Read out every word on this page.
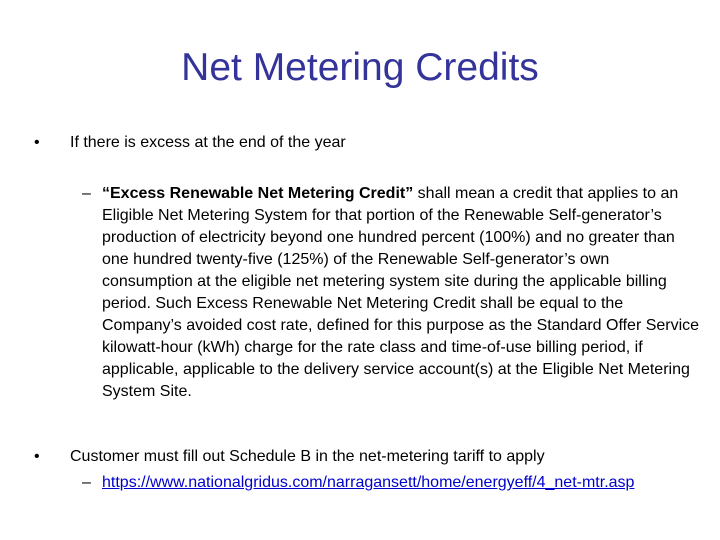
Net Metering Credits
• If there is excess at the end of the year
– “Excess Renewable Net Metering Credit” shall mean a credit that applies to an Eligible Net Metering System for that portion of the Renewable Self-generator’s production of electricity beyond one hundred percent (100%) and no greater than one hundred twenty-five (125%) of the Renewable Self-generator’s own consumption at the eligible net metering system site during the applicable billing period. Such Excess Renewable Net Metering Credit shall be equal to the Company’s avoided cost rate, defined for this purpose as the Standard Offer Service kilowatt-hour (kWh) charge for the rate class and time-of-use billing period, if applicable, applicable to the delivery service account(s) at the Eligible Net Metering System Site.
• Customer must fill out Schedule B in the net-metering tariff to apply
– https://www.nationalgridus.com/narragansett/home/energyeff/4_net-mtr.asp
